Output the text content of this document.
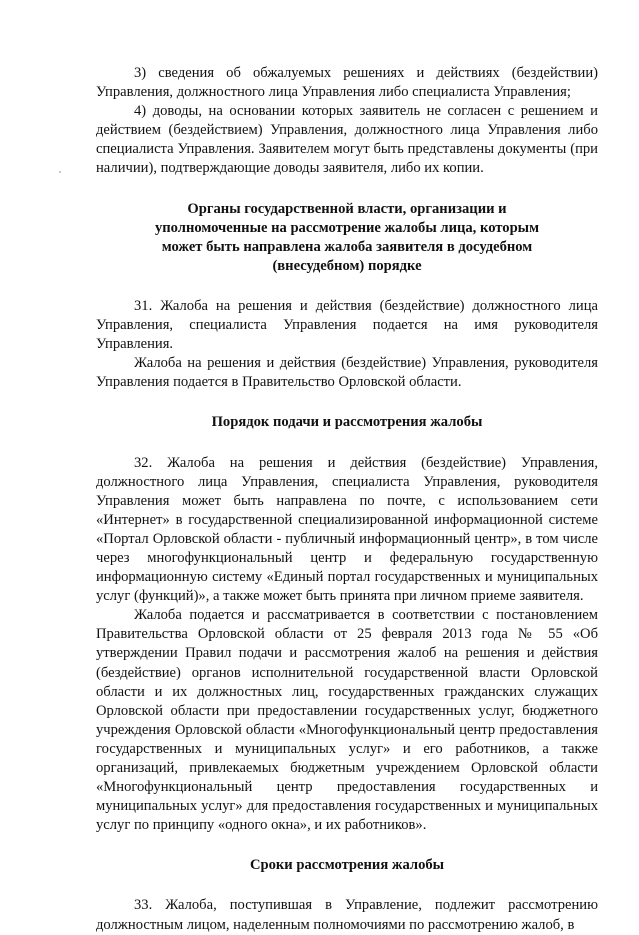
3) сведения об обжалуемых решениях и действиях (бездействии) Управления, должностного лица Управления либо специалиста Управления;

4) доводы, на основании которых заявитель не согласен с решением и действием (бездействием) Управления, должностного лица Управления либо специалиста Управления. Заявителем могут быть представлены документы (при наличии), подтверждающие доводы заявителя, либо их копии.

Органы государственной власти, организации и уполномоченные на рассмотрение жалобы лица, которым может быть направлена жалоба заявителя в досудебном (внесудебном) порядке

31. Жалоба на решения и действия (бездействие) должностного лица Управления, специалиста Управления подается на имя руководителя Управления.

Жалоба на решения и действия (бездействие) Управления, руководителя Управления подается в Правительство Орловской области.

Порядок подачи и рассмотрения жалобы

32. Жалоба на решения и действия (бездействие) Управления, должностного лица Управления, специалиста Управления, руководителя Управления может быть направлена по почте, с использованием сети «Интернет» в государственной специализированной информационной системе «Портал Орловской области - публичный информационный центр», в том числе через многофункциональный центр и федеральную государственную информационную систему «Единый портал государственных и муниципальных услуг (функций)», а также может быть принята при личном приеме заявителя.

Жалоба подается и рассматривается в соответствии с постановлением Правительства Орловской области от 25 февраля 2013 года № 55 «Об утверждении Правил подачи и рассмотрения жалоб на решения и действия (бездействие) органов исполнительной государственной власти Орловской области и их должностных лиц, государственных гражданских служащих Орловской области при предоставлении государственных услуг, бюджетного учреждения Орловской области «Многофункциональный центр предоставления государственных и муниципальных услуг» и его работников, а также организаций, привлекаемых бюджетным учреждением Орловской области «Многофункциональный центр предоставления государственных и муниципальных услуг» для предоставления государственных и муниципальных услуг по принципу «одного окна», и их работников».

Сроки рассмотрения жалобы

33. Жалоба, поступившая в Управление, подлежит рассмотрению должностным лицом, наделенным полномочиями по рассмотрению жалоб, в
